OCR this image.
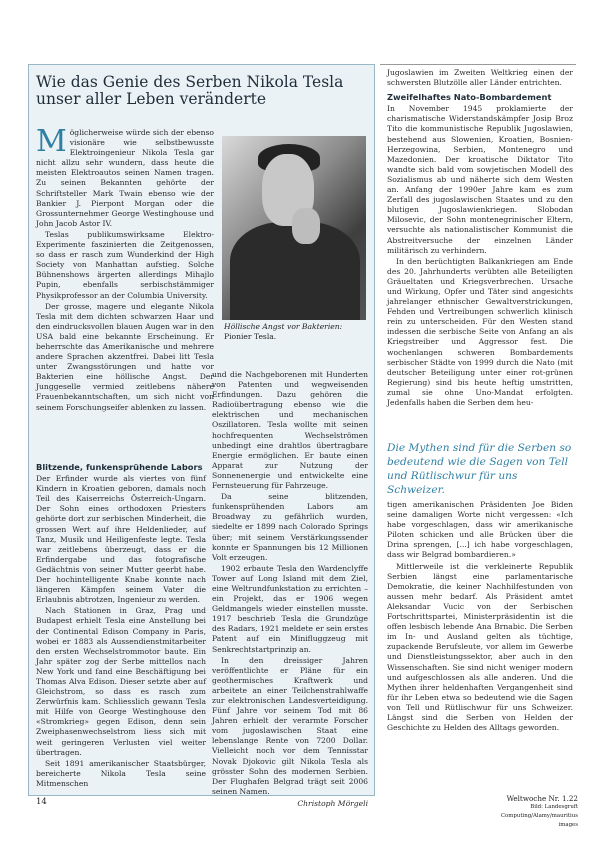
Wie das Genie des Serben Nikola Tesla unser aller Leben veränderte
Höllische Angst vor Bakterien:
Pionier Tesla.

Möglicherweise würde sich der ebenso visionäre wie selbstbewusste Elektroingenieur Nikola Tesla gar nicht allzu sehr wundern, dass heute die meisten Elektroautos seinen Namen tragen. Zu seinen Bekannten gehörte der Schriftsteller Mark Twain ebenso wie der Bankier J. Pierpont Morgan oder die Grossunternehmer George Westinghouse und John Jacob Astor IV.

Teslas publikumswirksame Elektro-Experimente faszinierten die Zeitgenossen, so dass er rasch zum Wunderkind der High Society von Manhattan aufstieg. Solche Bühnenshows ärgerten allerdings Mihajlo Pupin, ebenfalls serbischstämmiger Physikprofessor an der Columbia University.

Der grosse, magere und elegante Nikola Tesla mit dem dichten schwarzen Haar und den eindrucksvollen blauen Augen war in den USA bald eine bekannte Erscheinung. Er beherrschte das Amerikanische und mehrere andere Sprachen akzentfrei. Dabei litt Tesla unter Zwangsstörungen und hatte vor Bakterien eine höllische Angst. Der Junggeselle vermied zeitlebens nähere Frauenbekanntschaften, um sich nicht von seinem Forschungseifer ablenken zu lassen.

Blitzende, funkensprühende Labors

Der Erfinder wurde als viertes von fünf Kindern in Kroatien geboren, damals noch Teil des Kaiserreichs Österreich-Ungarn. Der Sohn eines orthodoxen Priesters gehörte dort zur serbischen Minderheit, die grossen Wert auf ihre Heldenlieder, auf Tanz, Musik und Heiligenfeste legte. Tesla war zeitlebens überzeugt, dass er die Erfindergabe und das fotografische Gedächtnis von seiner Mutter geerbt habe. Der hochintelligente Knabe konnte nach längeren Kämpfen seinem Vater die Erlaubnis abtrotzen, Ingenieur zu werden.

Nach Stationen in Graz, Prag und Budapest erhielt Tesla eine Anstellung bei der Continental Edison Company in Paris, wobei er 1883 als Aussendienstmitarbeiter den ersten Wechselstrommotor baute. Ein Jahr später zog der Serbe mittellos nach New York und fand eine Beschäftigung bei Thomas Alva Edison. Dieser setzte aber auf Gleichstrom, so dass es rasch zum Zerwürfnis kam. Schliesslich gewann Tesla mit Hilfe von George Westinghouse den «Stromkrieg» gegen Edison, denn sein Zweiphasenwechselstrom liess sich mit weit geringeren Verlusten viel weiter übertragen.

Seit 1891 amerikanischer Staatsbürger, bereicherte Nikola Tesla seine Mitmenschen

und die Nachgeborenen mit Hunderten von Patenten und wegweisenden Erfindungen. Dazu gehören die Radioübertragung ebenso wie die elektrischen und mechanischen Oszillatoren. Tesla wollte mit seinen hochfrequenten Wechselströmen unbedingt eine drahtlos übertragbare Energie ermöglichen. Er baute einen Apparat zur Nutzung der Sonnenenergie und entwickelte eine Fernsteuerung für Fahrzeuge.

Da seine blitzenden, funkensprühenden Labors am Broadway zu gefährlich wurden, siedelte er 1899 nach Colorado Springs über; mit seinem Verstärkungssender konnte er Spannungen bis 12 Millionen Volt erzeugen.

1902 erbaute Tesla den Wardenclyffe Tower auf Long Island mit dem Ziel, eine Weltrundfunkstation zu errichten – ein Projekt, das er 1906 wegen Geldmangels wieder einstellen musste. 1917 beschrieb Tesla die Grundzüge des Radars, 1921 meldete er sein erstes Patent auf ein Minifluggzeug mit Senkrechtstartprinzip an.

In den dreissiger Jahren veröffentlichte er Pläne für ein geothermisches Kraftwerk und arbeitete an einer Teilchenstrahlwaffe zur elektronischen Landesverteidigung. Fünf Jahre vor seinem Tod mit 86 Jahren erhielt der verarmte Forscher vom jugoslawischen Staat eine lebenslange Rente von 7200 Dollar. Vielleicht noch vor dem Tennisstar Novak Djokovic gilt Nikola Tesla als grösster Sohn des modernen Serbien. Der Flughafen Belgrad trägt seit 2006 seinen Namen.

Christoph Mörgeli

Jugoslawien im Zweiten Weltkrieg einen der schwersten Blutzölle aller Länder entrichten.

Zweifelhaftes Nato-Bombardement

In November 1945 proklamierte der charismatische Widerstandskämpfer Josip Broz Tito die kommunistische Republik Jugoslawien, bestehend aus Slowenien, Kroatien, Bosnien-Herzegowina, Serbien, Montenegro und Mazedonien. Der kroatische Diktator Tito wandte sich bald vom sowjetischen Modell des Sozialismus ab und näherte sich dem Westen an. Anfang der 1990er Jahre kam es zum Zerfall des jugoslawischen Staates und zu den blutigen Jugoslawienkriegen. Slobodan Milosevic, der Sohn montenegrinischer Eltern, versuchte als nationalistischer Kommunist die Abstreitversuche der einzelnen Länder militärisch zu verhindern.

In den berüchtigten Balkankriegen am Ende des 20. Jahrhunderts verübten alle Beteiligten Gräueltaten und Kriegsverbrechen. Ursache und Wirkung, Opfer und Täter sind angesichts jahrelanger ethnischer Gewaltverstrickungen, Fehden und Vertreibungen schwerlich klinisch rein zu unterscheiden. Für den Westen stand indessen die serbische Seite von Anfang an als Kriegstreiber und Aggressor fest. Die wochenlangen schweren Bombardements serbischer Städte von 1999 durch die Nato (mit deutscher Beteiligung unter einer rot-grünen Regierung) sind bis heute heftig umstritten, zumal sie ohne Uno-Mandat erfolgten. Jedenfalls haben die Serben dem heu-

Die Mythen sind für die Serben so bedeutend wie die Sagen von Tell und Rütlischwur für uns Schweizer.

tigen amerikanischen Präsidenten Joe Biden seine damaligen Worte nicht vergessen: «Ich habe vorgeschlagen, dass wir amerikanische Piloten schicken und alle Brücken über die Drina sprengen, [...] ich habe vorgeschlagen, dass wir Belgrad bombardieren.»

Mittlerweile ist die verkleinerte Republik Serbien längst eine parlamentarische Demokratie, die keiner Nachhilfestunden von aussen mehr bedarf. Als Präsident amtet Aleksandar Vucic von der Serbischen Fortschrittspartei, Ministerpräsidentin ist die offen lesbisch lebende Ana Brnabic. Die Serben im In- und Ausland gelten als tüchtige, zupackende Berufsleute, vor allem im Gewerbe und Dienstleistungssektor, aber auch in den Wissenschaften. Sie sind nicht weniger modern und aufgeschlossen als alle anderen. Und die Mythen ihrer heldenhaften Vergangenheit sind für ihr Leben etwa so bedeutend wie die Sagen von Tell und Rütlischwur für uns Schweizer. Längst sind die Serben von Helden der Geschichte zu Helden des Alltags geworden.

14	Weltwoche Nr. 1.22
Bild: Landesgruft Computing/Alamy/mauritius images
